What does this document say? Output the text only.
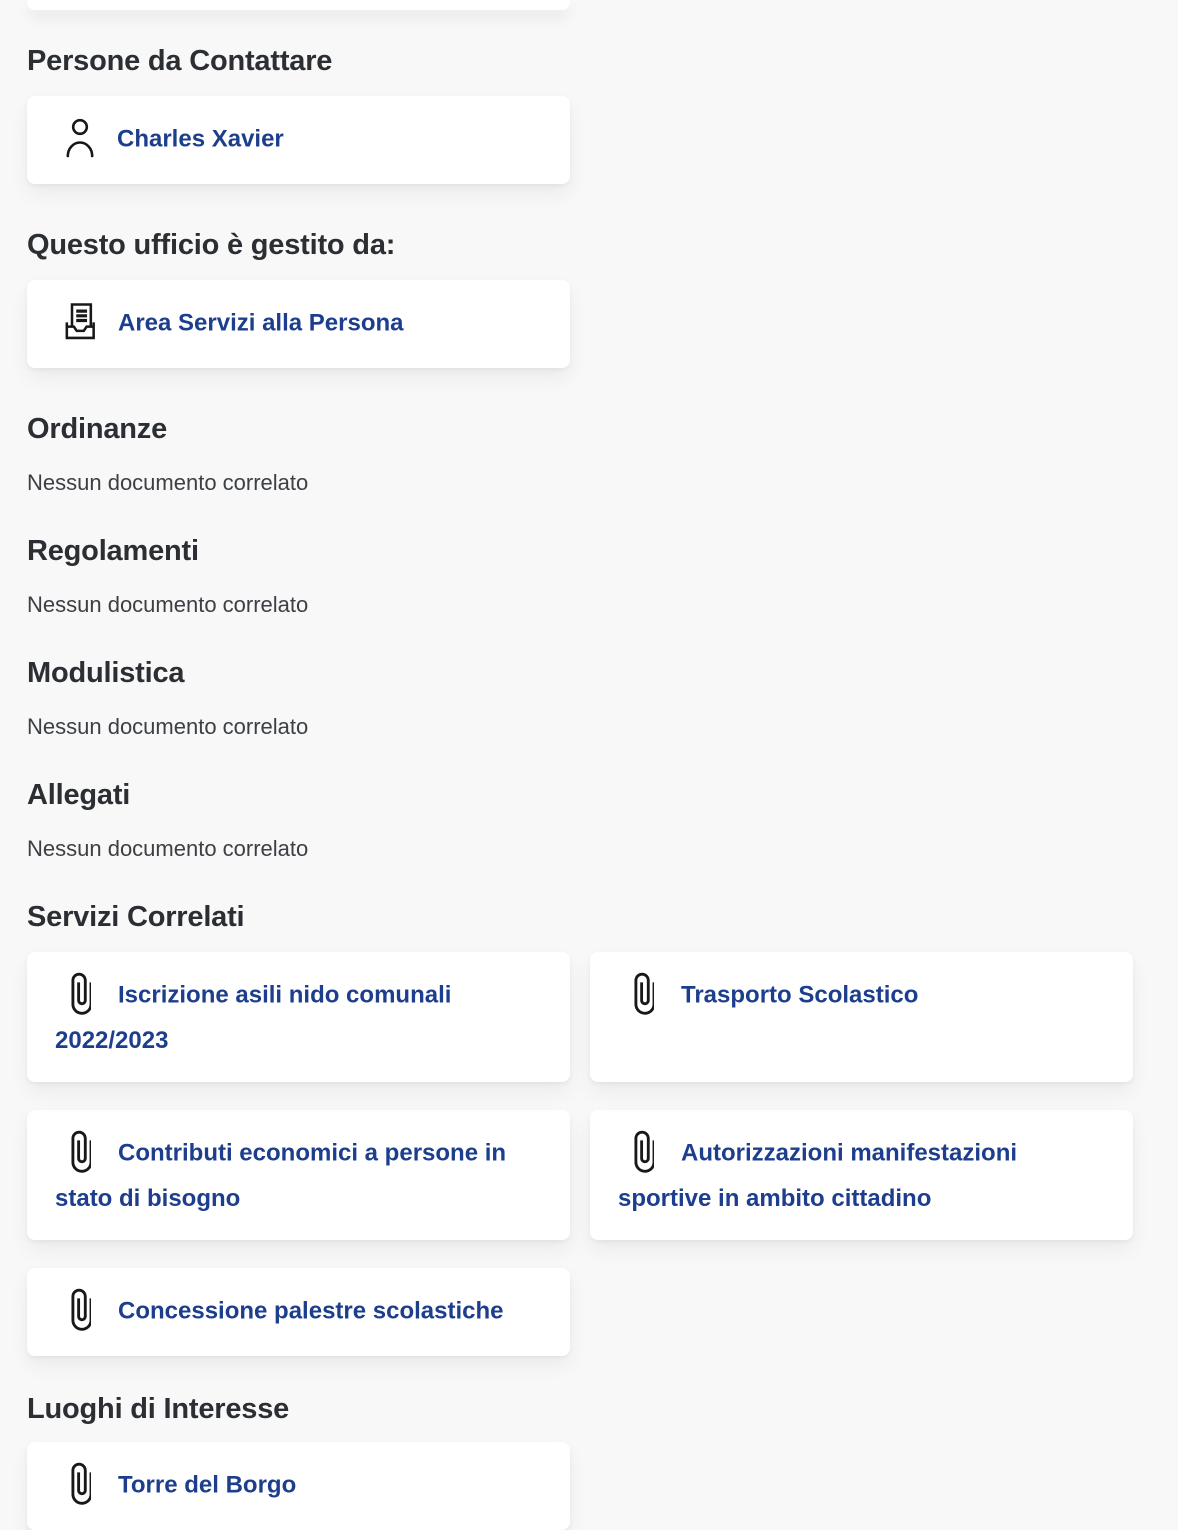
Persone da Contattare

Charles Xavier

Questo ufficio è gestito da:

Area Servizi alla Persona

Ordinanze

Nessun documento correlato

Regolamenti

Nessun documento correlato

Modulistica

Nessun documento correlato

Allegati

Nessun documento correlato

Servizi Correlati

Iscrizione asili nido comunali 2022/2023

Trasporto Scolastico

Contributi economici a persone in stato di bisogno

Autorizzazioni manifestazioni sportive in ambito cittadino

Concessione palestre scolastiche

Luoghi di Interesse

Torre del Borgo
